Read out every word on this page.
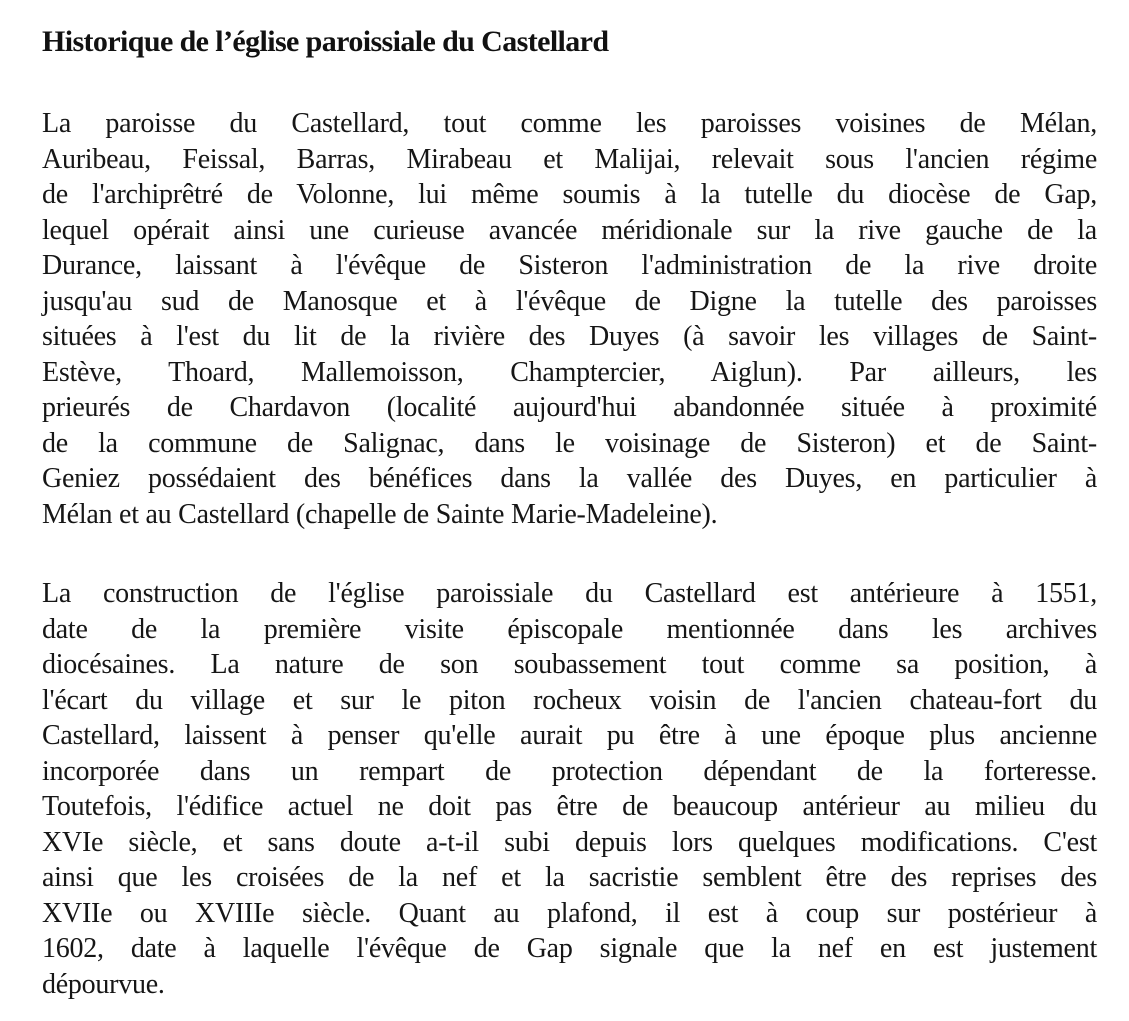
Historique de l’église paroissiale du Castellard
La paroisse du Castellard, tout comme les paroisses voisines de Mélan,
Auribeau, Feissal, Barras, Mirabeau et Malijai, relevait sous l'ancien régime
de l'archiprêtré de Volonne, lui même soumis à la tutelle du diocèse de Gap,
lequel opérait ainsi une curieuse avancée méridionale sur la rive gauche de la
Durance, laissant à l'évêque de Sisteron l'administration de la rive droite
jusqu'au sud de Manosque et à l'évêque de Digne la tutelle des paroisses
situées à l'est du lit de la rivière des Duyes (à savoir les villages de Saint-
Estève, Thoard, Mallemoisson, Champtercier, Aiglun). Par ailleurs, les
prieurés de Chardavon (localité aujourd'hui abandonnée située à proximité
de la commune de Salignac, dans le voisinage de Sisteron) et de Saint-
Geniez possédaient des bénéfices dans la vallée des Duyes, en particulier à
Mélan et au Castellard (chapelle de Sainte Marie-Madeleine).
La construction de l'église paroissiale du Castellard est antérieure à 1551,
date de la première visite épiscopale mentionnée dans les archives
diocésaines. La nature de son soubassement tout comme sa position, à
l'écart du village et sur le piton rocheux voisin de l'ancien chateau-fort du
Castellard, laissent à penser qu'elle aurait pu être à une époque plus ancienne
incorporée dans un rempart de protection dépendant de la forteresse.
Toutefois, l'édifice actuel ne doit pas être de beaucoup antérieur au milieu du
XVIe siècle, et sans doute a-t-il subi depuis lors quelques modifications. C'est
ainsi que les croisées de la nef et la sacristie semblent être des reprises des
XVIIe ou XVIIIe siècle. Quant au plafond, il est à coup sur postérieur à
1602, date à laquelle l'évêque de Gap signale que la nef en est justement
dépourvue.
